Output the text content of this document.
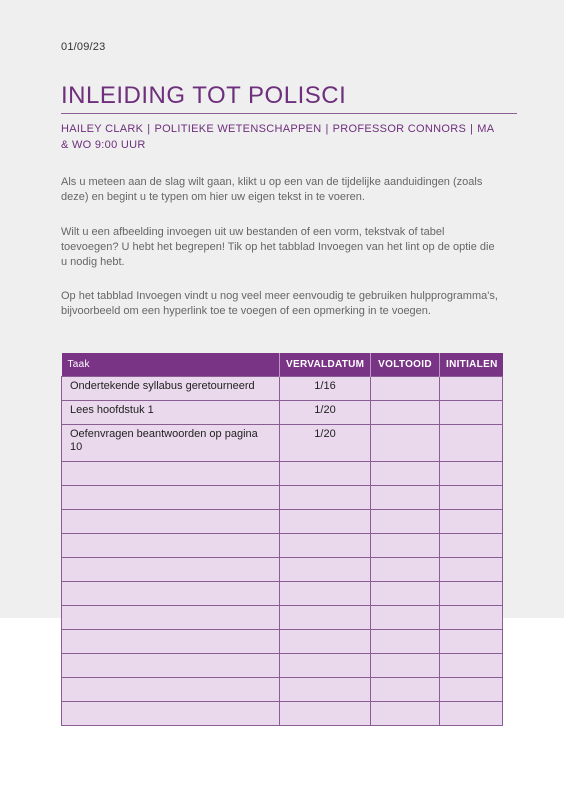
01/09/23
INLEIDING TOT POLISCI
HAILEY CLARK | POLITIEKE WETENSCHAPPEN | PROFESSOR CONNORS | MA & WO 9:00 UUR
Als u meteen aan de slag wilt gaan, klikt u op een van de tijdelijke aanduidingen (zoals deze) en begint u te typen om hier uw eigen tekst in te voeren.
Wilt u een afbeelding invoegen uit uw bestanden of een vorm, tekstvak of tabel toevoegen? U hebt het begrepen! Tik op het tabblad Invoegen van het lint op de optie die u nodig hebt.
Op het tabblad Invoegen vindt u nog veel meer eenvoudig te gebruiken hulpprogramma's, bijvoorbeeld om een hyperlink toe te voegen of een opmerking in te voegen.
Taak	VERVALDATUM	VOLTOOID	INITIALEN
Ondertekende syllabus geretourneerd	1/16		
Lees hoofdstuk 1	1/20		
Oefenvragen beantwoorden op pagina 10	1/20		
